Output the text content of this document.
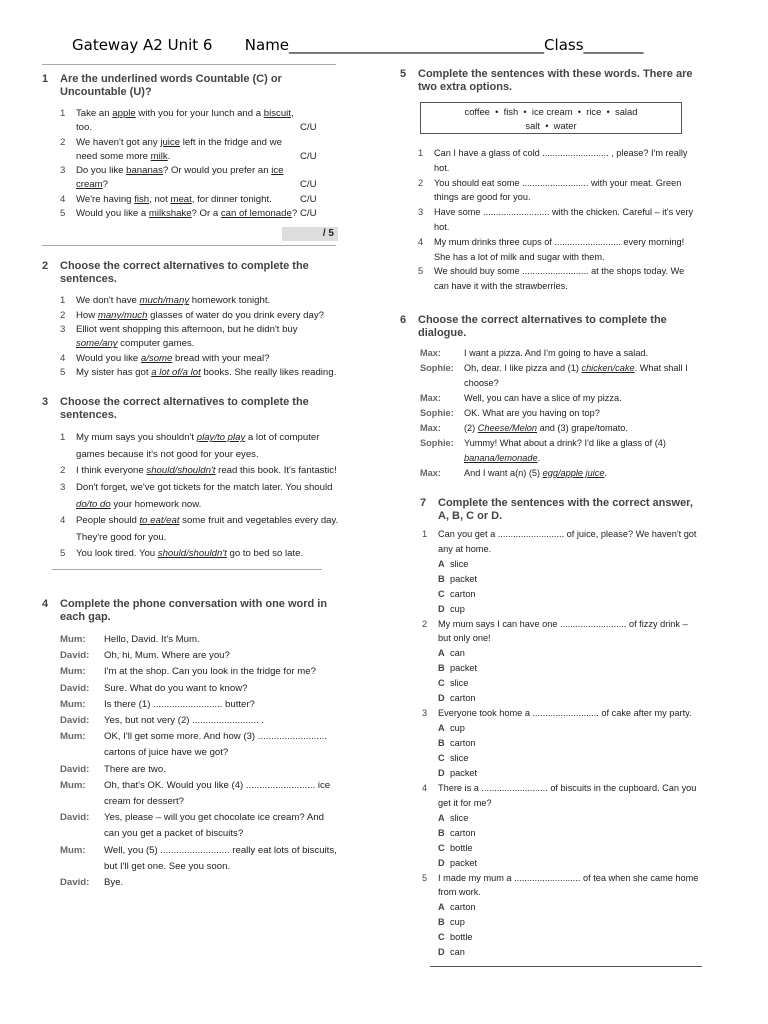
Gateway A2 Unit 6 Name__________________________________Class________
1 Are the underlined words Countable (C) or Uncountable (U)?
1	Take an apple with you for your lunch and a biscuit, too.	C/U
2	We haven't got any juice left in the fridge and we need some more milk.	C/U
3	Do you like bananas? Or would you prefer an ice cream?	C/U
4	We're having fish, not meat, for dinner tonight.	C/U
5	Would you like a milkshake? Or a can of lemonade? C/U
/ 5
2 Choose the correct alternatives to complete the sentences.
1	We don't have much/many homework tonight.
2	How many/much glasses of water do you drink every day?
3	Elliot went shopping this afternoon, but he didn't buy some/any computer games.
4	Would you like a/some bread with your meal?
5	My sister has got a lot of/a lot books. She really likes reading.
3 Choose the correct alternatives to complete the sentences.
1	My mum says you shouldn't play/to play a lot of computer games because it's not good for your eyes.
2	I think everyone should/shouldn't read this book. It's fantastic!
3	Don't forget, we've got tickets for the match later. You should do/to do your homework now.
4	People should to eat/eat some fruit and vegetables every day. They're good for you.
5	You look tired. You should/shouldn't go to bed so late.
4 Complete the phone conversation with one word in each gap.
Mum:	Hello, David. It's Mum.
David:	Oh, hi, Mum. Where are you?
Mum:	I'm at the shop. Can you look in the fridge for me?
David:	Sure. What do you want to know?
Mum:	Is there (1) .......................... butter?
David:	Yes, but not very (2) ......................... .
Mum:	OK, I'll get some more. And how (3) .......................... cartons of juice have we got?
David:	There are two.
Mum:	Oh, that's OK. Would you like (4) .......................... ice cream for dessert?
David:	Yes, please – will you get chocolate ice cream? And can you get a packet of biscuits?
Mum:	Well, you (5) .......................... really eat lots of biscuits, but I'll get one. See you soon.
David:	Bye.
5 Complete the sentences with these words. There are two extra options.
coffee  •  fish  •  ice cream  •  rice  •  salad
salt  •  water
1	Can I have a glass of cold .......................... , please? I'm really hot.
2	You should eat some .......................... with your meat. Green things are good for you.
3	Have some .......................... with the chicken. Careful – it's very hot.
4	My mum drinks three cups of .......................... every morning! She has a lot of milk and sugar with them.
5	We should buy some .......................... at the shops today. We can have it with the strawberries.
6 Choose the correct alternatives to complete the dialogue.
Max:	I want a pizza. And I'm going to have a salad.
Sophie:	Oh, dear. I like pizza and (1) chicken/cake. What shall I choose?
Max:	Well, you can have a slice of my pizza.
Sophie:	OK. What are you having on top?
Max:	(2) Cheese/Melon and (3) grape/tomato.
Sophie:	Yummy! What about a drink? I'd like a glass of (4) banana/lemonade.
Max:	And I want a(n) (5) egg/apple juice.
7 Complete the sentences with the correct answer, A, B, C or D.
1	Can you get a .......................... of juice, please? We haven't got any at home.
A slice
B packet
C carton
D cup
2	My mum says I can have one .......................... of fizzy drink – but only one!
A can
B packet
C slice
D carton
3	Everyone took home a .......................... of cake after my party.
A cup
B carton
C slice
D packet
4	There is a .......................... of biscuits in the cupboard. Can you get it for me?
A slice
B carton
C bottle
D packet
5	I made my mum a .......................... of tea when she came home from work.
A carton
B cup
C bottle
D can
